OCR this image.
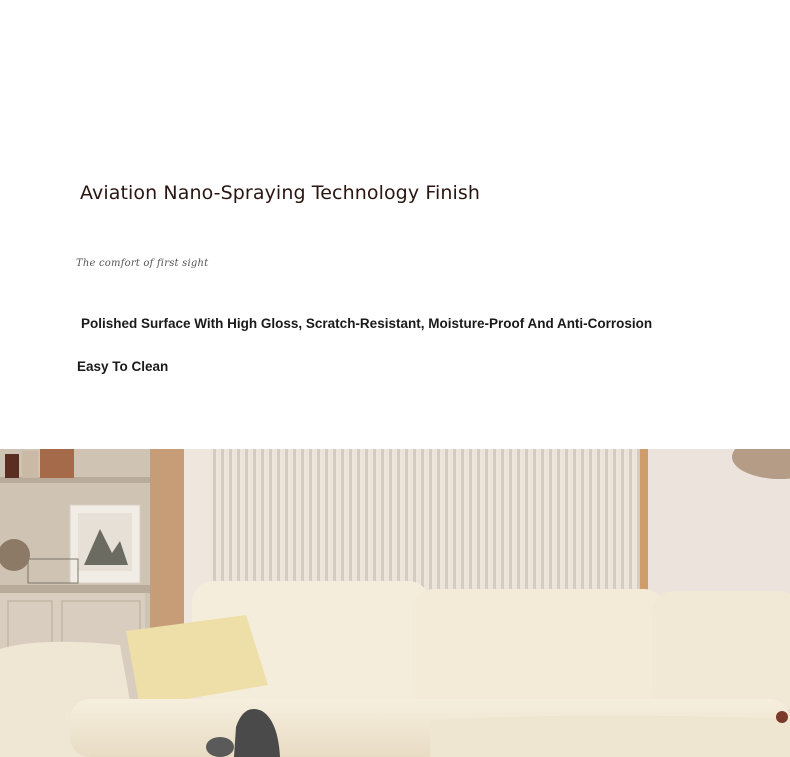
Aviation Nano-Spraying Technology Finish
The comfort of first sight
Polished Surface With High Gloss, Scratch-Resistant, Moisture-Proof And Anti-Corrosion
Easy To Clean
